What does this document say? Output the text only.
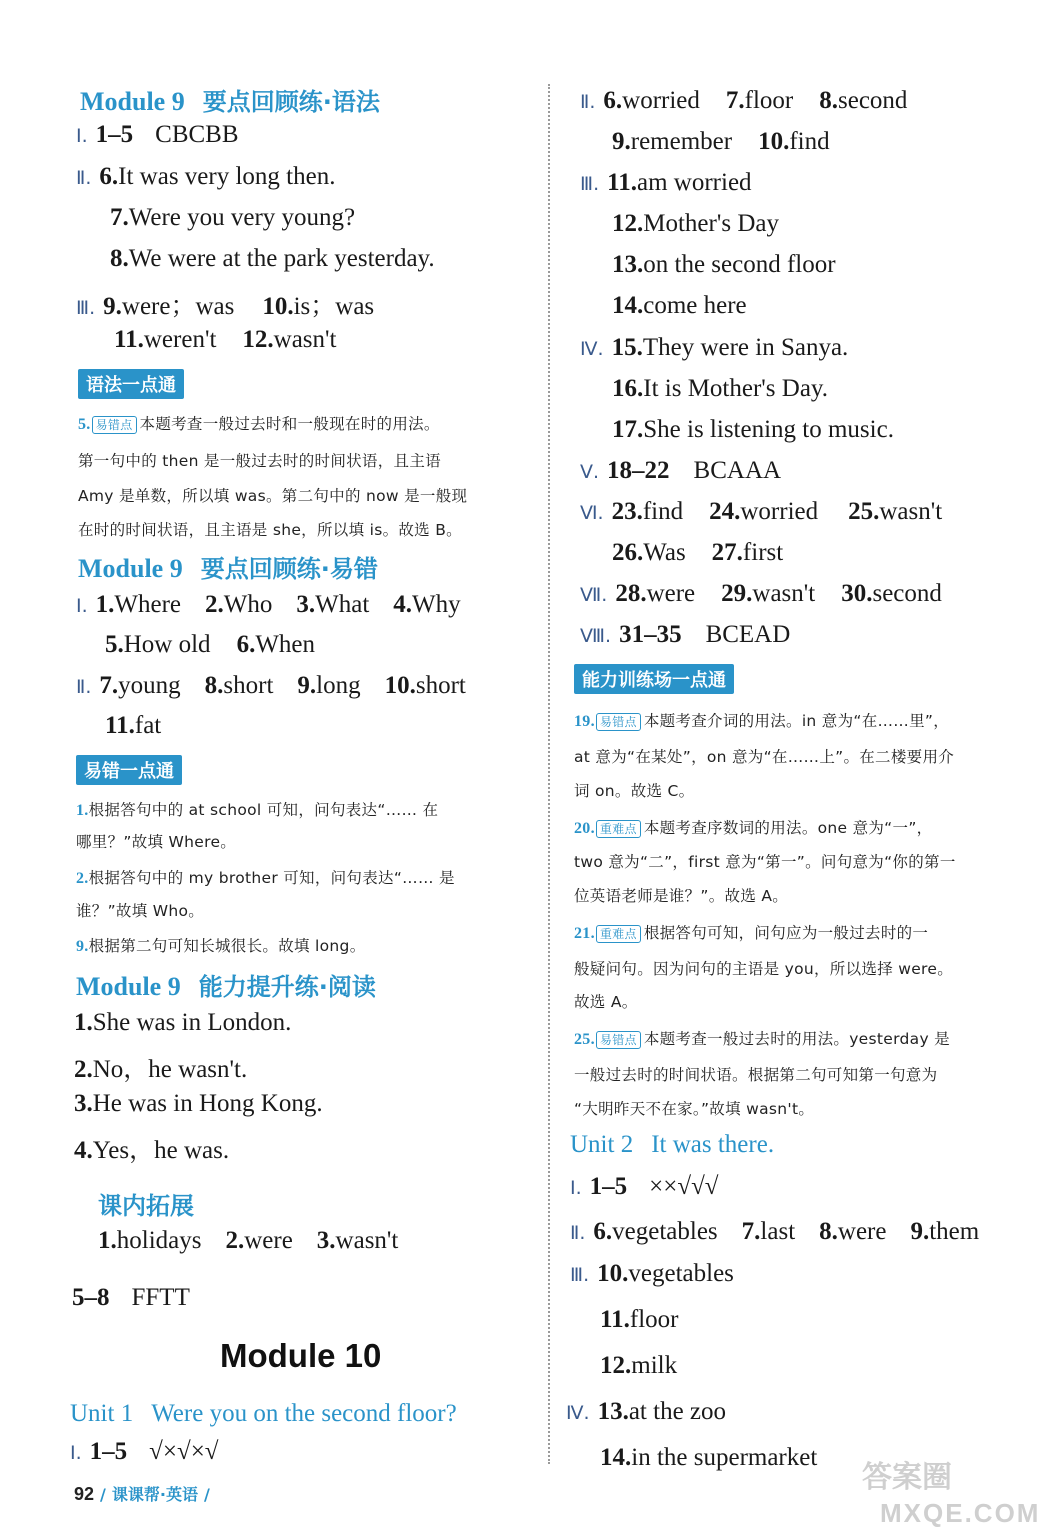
Module 9 要点回顾练·语法
Ⅰ. 1–5 CBCBB
Ⅱ. 6.It was very long then.
7.Were you very young?
8.We were at the park yesterday.
Ⅲ. 9.were；was 10.is；was
11.weren't 12.wasn't
语法一点通
5. 易错点 本题考查一般过去时和一般现在时的用法。
第一句中的 then 是一般过去时的时间状语，且主语
Amy 是单数，所以填 was。第二句中的 now 是一般现
在时的时间状语，且主语是 she，所以填 is。故选 B。
Module 9 要点回顾练·易错
Ⅰ. 1.Where 2.Who 3.What 4.Why
5.How old 6.When
Ⅱ. 7.young 8.short 9.long 10.short
11.fat
易错一点通
1.根据答句中的 at school 可知，问句表达“…… 在
哪里？”故填 Where。
2.根据答句中的 my brother 可知，问句表达“…… 是
谁？”故填 Who。
9.根据第二句可知长城很长。故填 long。
Module 9 能力提升练·阅读
1.She was in London.
2.No，he wasn't.
3.He was in Hong Kong.
4.Yes，he was.
课内拓展
1.holidays 2.were 3.wasn't
5–8 FFTT
Module 10
Unit 1 Were you on the second floor?
Ⅰ. 1–5 √×√×√
Ⅱ. 6.worried 7.floor 8.second
9.remember 10.find
Ⅲ. 11.am worried
12.Mother's Day
13.on the second floor
14.come here
Ⅳ. 15.They were in Sanya.
16.It is Mother's Day.
17.She is listening to music.
Ⅴ. 18–22 BCAAA
Ⅵ. 23.find 24.worried 25.wasn't
26.Was 27.first
Ⅶ. 28.were 29.wasn't 30.second
Ⅷ. 31–35 BCEAD
能力训练场一点通
19. 易错点 本题考查介词的用法。in 意为“在……里”，
at 意为“在某处”，on 意为“在……上”。在二楼要用介
词 on。故选 C。
20. 重难点 本题考查序数词的用法。one 意为“一”，
two 意为“二”，first 意为“第一”。问句意为“你的第一
位英语老师是谁？”。故选 A。
21. 重难点 根据答句可知，问句应为一般过去时的一
般疑问句。因为问句的主语是 you，所以选择 were。
故选 A。
25. 易错点 本题考查一般过去时的用法。yesterday 是
一般过去时的时间状语。根据第二句可知第一句意为
“大明昨天不在家。”故填 wasn't。
Unit 2 It was there.
Ⅰ. 1–5 ××√√√
Ⅱ. 6.vegetables 7.last 8.were 9.them
Ⅲ. 10.vegetables
11.floor
12.milk
Ⅳ. 13.at the zoo
14.in the supermarket
92 / 课课帮·英语 /	答案圈
MXQE.COM
